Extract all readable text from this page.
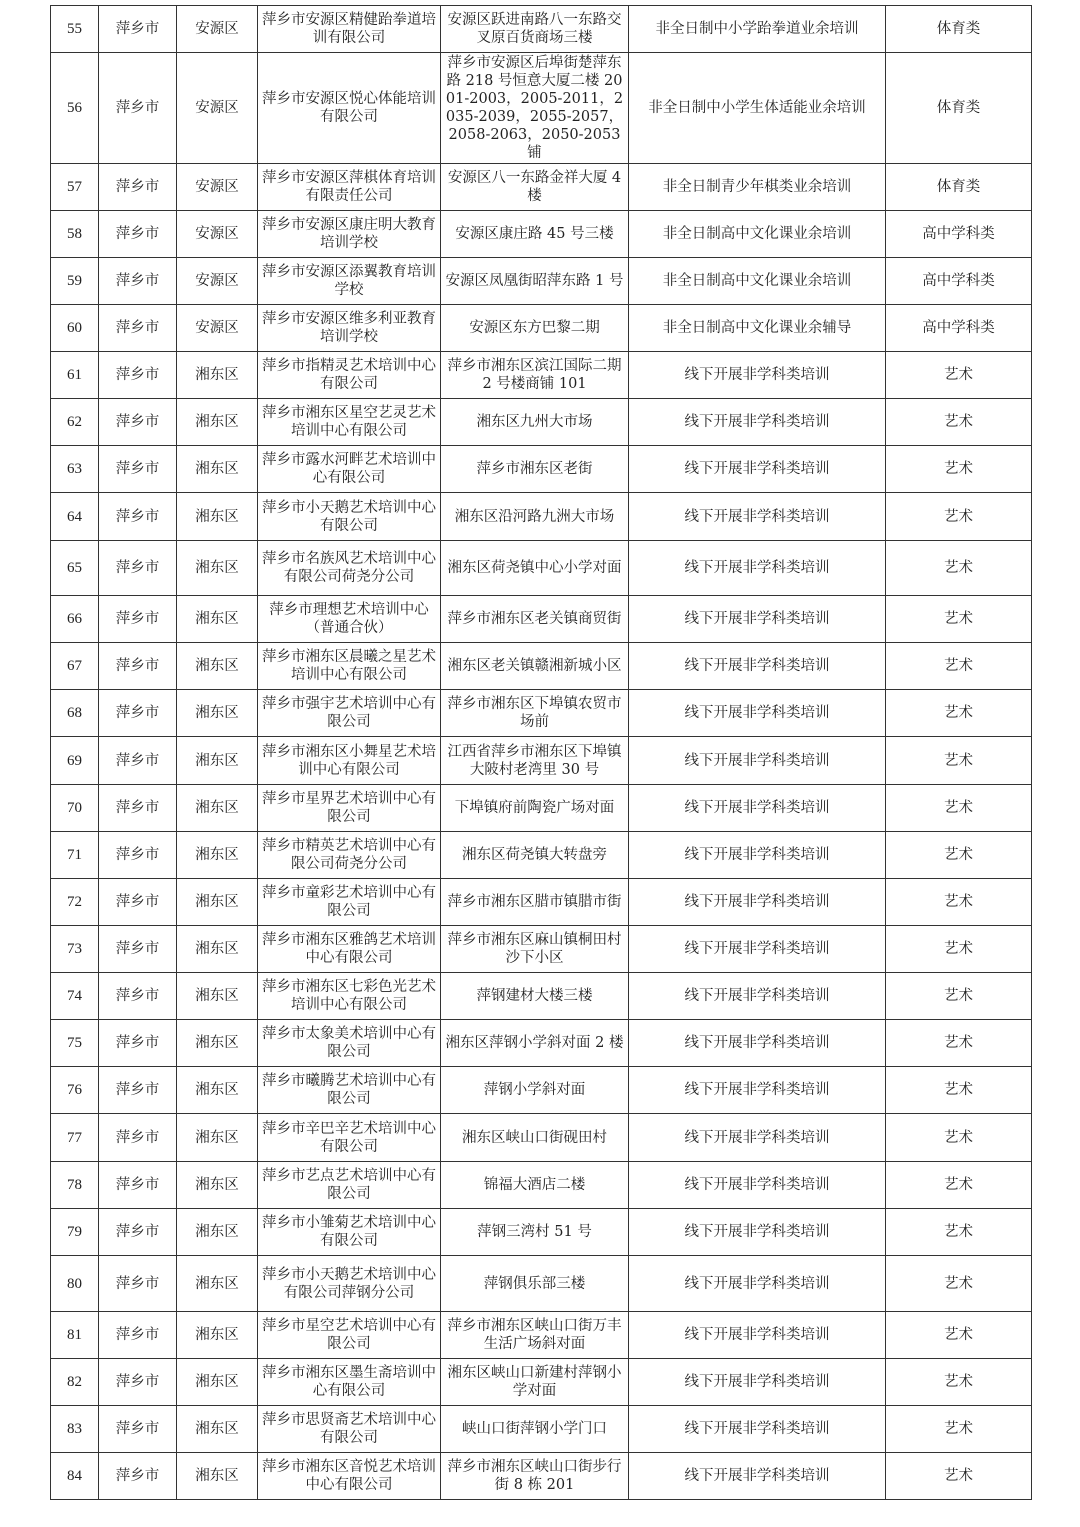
55	萍乡市	安源区	萍乡市安源区精健跆拳道培训有限公司	安源区跃进南路八一东路交叉原百货商场三楼	非全日制中小学跆拳道业余培训	体育类
56	萍乡市	安源区	萍乡市安源区悦心体能培训有限公司	萍乡市安源区后埠街楚萍东路 218 号恒意大厦二楼 2001-2003，2005-2011，2035-2039，2055-2057，2058-2063，2050-2053 铺	非全日制中小学生体适能业余培训	体育类
57	萍乡市	安源区	萍乡市安源区萍棋体育培训有限责任公司	安源区八一东路金祥大厦 4 楼	非全日制青少年棋类业余培训	体育类
58	萍乡市	安源区	萍乡市安源区康庄明大教育培训学校	安源区康庄路 45 号三楼	非全日制高中文化课业余培训	高中学科类
59	萍乡市	安源区	萍乡市安源区添翼教育培训学校	安源区凤凰街昭萍东路 1 号	非全日制高中文化课业余培训	高中学科类
60	萍乡市	安源区	萍乡市安源区维多利亚教育培训学校	安源区东方巴黎二期	非全日制高中文化课业余辅导	高中学科类
61	萍乡市	湘东区	萍乡市指精灵艺术培训中心有限公司	萍乡市湘东区滨江国际二期 2 号楼商铺 101	线下开展非学科类培训	艺术
62	萍乡市	湘东区	萍乡市湘东区星空艺灵艺术培训中心有限公司	湘东区九州大市场	线下开展非学科类培训	艺术
63	萍乡市	湘东区	萍乡市露水河畔艺术培训中心有限公司	萍乡市湘东区老街	线下开展非学科类培训	艺术
64	萍乡市	湘东区	萍乡市小天鹅艺术培训中心有限公司	湘东区沿河路九洲大市场	线下开展非学科类培训	艺术
65	萍乡市	湘东区	萍乡市名族风艺术培训中心有限公司荷尧分公司	湘东区荷尧镇中心小学对面	线下开展非学科类培训	艺术
66	萍乡市	湘东区	萍乡市理想艺术培训中心（普通合伙）	萍乡市湘东区老关镇商贸街	线下开展非学科类培训	艺术
67	萍乡市	湘东区	萍乡市湘东区晨曦之星艺术培训中心有限公司	湘东区老关镇赣湘新城小区	线下开展非学科类培训	艺术
68	萍乡市	湘东区	萍乡市强宇艺术培训中心有限公司	萍乡市湘东区下埠镇农贸市场前	线下开展非学科类培训	艺术
69	萍乡市	湘东区	萍乡市湘东区小舞星艺术培训中心有限公司	江西省萍乡市湘东区下埠镇大陂村老湾里 30 号	线下开展非学科类培训	艺术
70	萍乡市	湘东区	萍乡市星界艺术培训中心有限公司	下埠镇府前陶瓷广场对面	线下开展非学科类培训	艺术
71	萍乡市	湘东区	萍乡市精英艺术培训中心有限公司荷尧分公司	湘东区荷尧镇大转盘旁	线下开展非学科类培训	艺术
72	萍乡市	湘东区	萍乡市童彩艺术培训中心有限公司	萍乡市湘东区腊市镇腊市街	线下开展非学科类培训	艺术
73	萍乡市	湘东区	萍乡市湘东区雅鸽艺术培训中心有限公司	萍乡市湘东区麻山镇桐田村沙下小区	线下开展非学科类培训	艺术
74	萍乡市	湘东区	萍乡市湘东区七彩色光艺术培训中心有限公司	萍钢建材大楼三楼	线下开展非学科类培训	艺术
75	萍乡市	湘东区	萍乡市太象美术培训中心有限公司	湘东区萍钢小学斜对面 2 楼	线下开展非学科类培训	艺术
76	萍乡市	湘东区	萍乡市曦腾艺术培训中心有限公司	萍钢小学斜对面	线下开展非学科类培训	艺术
77	萍乡市	湘东区	萍乡市辛巴辛艺术培训中心有限公司	湘东区峡山口街砚田村	线下开展非学科类培训	艺术
78	萍乡市	湘东区	萍乡市艺点艺术培训中心有限公司	锦福大酒店二楼	线下开展非学科类培训	艺术
79	萍乡市	湘东区	萍乡市小雏菊艺术培训中心有限公司	萍钢三湾村 51 号	线下开展非学科类培训	艺术
80	萍乡市	湘东区	萍乡市小天鹅艺术培训中心有限公司萍钢分公司	萍钢俱乐部三楼	线下开展非学科类培训	艺术
81	萍乡市	湘东区	萍乡市星空艺术培训中心有限公司	萍乡市湘东区峡山口街万丰生活广场斜对面	线下开展非学科类培训	艺术
82	萍乡市	湘东区	萍乡市湘东区墨生斋培训中心有限公司	湘东区峡山口新建村萍钢小学对面	线下开展非学科类培训	艺术
83	萍乡市	湘东区	萍乡市思贤斋艺术培训中心有限公司	峡山口街萍钢小学门口	线下开展非学科类培训	艺术
84	萍乡市	湘东区	萍乡市湘东区音悦艺术培训中心有限公司	萍乡市湘东区峡山口街步行街 8 栋 201	线下开展非学科类培训	艺术
